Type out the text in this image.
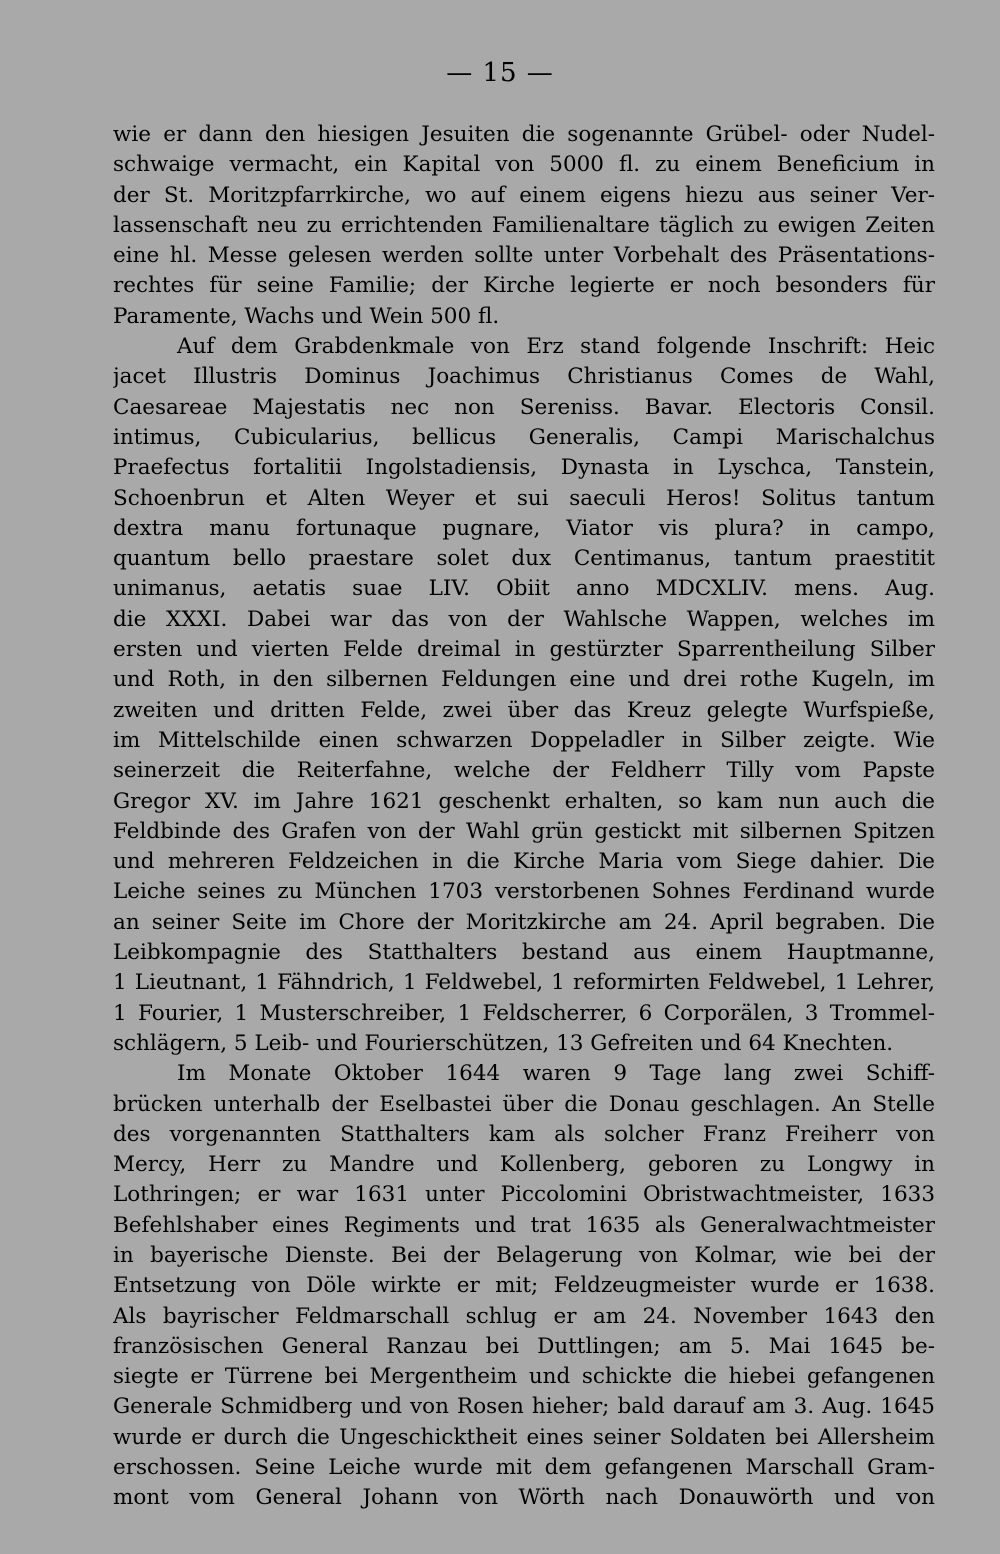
— 15 —
wie er dann den hiesigen Jesuiten die sogenannte Grübel- oder Nudel-
schwaige vermacht, ein Kapital von 5000 fl. zu einem Beneficium in
der St. Moritzpfarrkirche, wo auf einem eigens hiezu aus seiner Ver-
lassenschaft neu zu errichtenden Familienaltare täglich zu ewigen Zeiten
eine hl. Messe gelesen werden sollte unter Vorbehalt des Präsentations-
rechtes für seine Familie; der Kirche legierte er noch besonders für
Paramente, Wachs und Wein 500 fl.
Auf dem Grabdenkmale von Erz stand folgende Inschrift: Heic
jacet Illustris Dominus Joachimus Christianus Comes de Wahl,
Caesareae Majestatis nec non Sereniss. Bavar. Electoris Consil.
intimus, Cubicularius, bellicus Generalis, Campi Marischalchus
Praefectus fortalitii Ingolstadiensis, Dynasta in Lyschca, Tanstein,
Schoenbrun et Alten Weyer et sui saeculi Heros! Solitus tantum
dextra manu fortunaque pugnare, Viator vis plura? in campo,
quantum bello praestare solet dux Centimanus, tantum praestitit
unimanus, aetatis suae LIV. Obiit anno MDCXLIV. mens. Aug.
die XXXI. Dabei war das von der Wahlsche Wappen, welches im
ersten und vierten Felde dreimal in gestürzter Sparrentheilung Silber
und Roth, in den silbernen Feldungen eine und drei rothe Kugeln, im
zweiten und dritten Felde, zwei über das Kreuz gelegte Wurfspieße,
im Mittelschilde einen schwarzen Doppeladler in Silber zeigte. Wie
seinerzeit die Reiterfahne, welche der Feldherr Tilly vom Papste
Gregor XV. im Jahre 1621 geschenkt erhalten, so kam nun auch die
Feldbinde des Grafen von der Wahl grün gestickt mit silbernen Spitzen
und mehreren Feldzeichen in die Kirche Maria vom Siege dahier. Die
Leiche seines zu München 1703 verstorbenen Sohnes Ferdinand wurde
an seiner Seite im Chore der Moritzkirche am 24. April begraben. Die
Leibkompagnie des Statthalters bestand aus einem Hauptmanne,
1 Lieutnant, 1 Fähndrich, 1 Feldwebel, 1 reformirten Feldwebel, 1 Lehrer,
1 Fourier, 1 Musterschreiber, 1 Feldscherrer, 6 Corporälen, 3 Trommel-
schlägern, 5 Leib- und Fourierschützen, 13 Gefreiten und 64 Knechten.
Im Monate Oktober 1644 waren 9 Tage lang zwei Schiff-
brücken unterhalb der Eselbastei über die Donau geschlagen. An Stelle
des vorgenannten Statthalters kam als solcher Franz Freiherr von
Mercy, Herr zu Mandre und Kollenberg, geboren zu Longwy in
Lothringen; er war 1631 unter Piccolomini Obristwachtmeister, 1633
Befehlshaber eines Regiments und trat 1635 als Generalwachtmeister
in bayerische Dienste. Bei der Belagerung von Kolmar, wie bei der
Entsetzung von Döle wirkte er mit; Feldzeugmeister wurde er 1638.
Als bayrischer Feldmarschall schlug er am 24. November 1643 den
französischen General Ranzau bei Duttlingen; am 5. Mai 1645 be-
siegte er Türrene bei Mergentheim und schickte die hiebei gefangenen
Generale Schmidberg und von Rosen hieher; bald darauf am 3. Aug. 1645
wurde er durch die Ungeschicktheit eines seiner Soldaten bei Allersheim
erschossen. Seine Leiche wurde mit dem gefangenen Marschall Gram-
mont vom General Johann von Wörth nach Donauwörth und von
